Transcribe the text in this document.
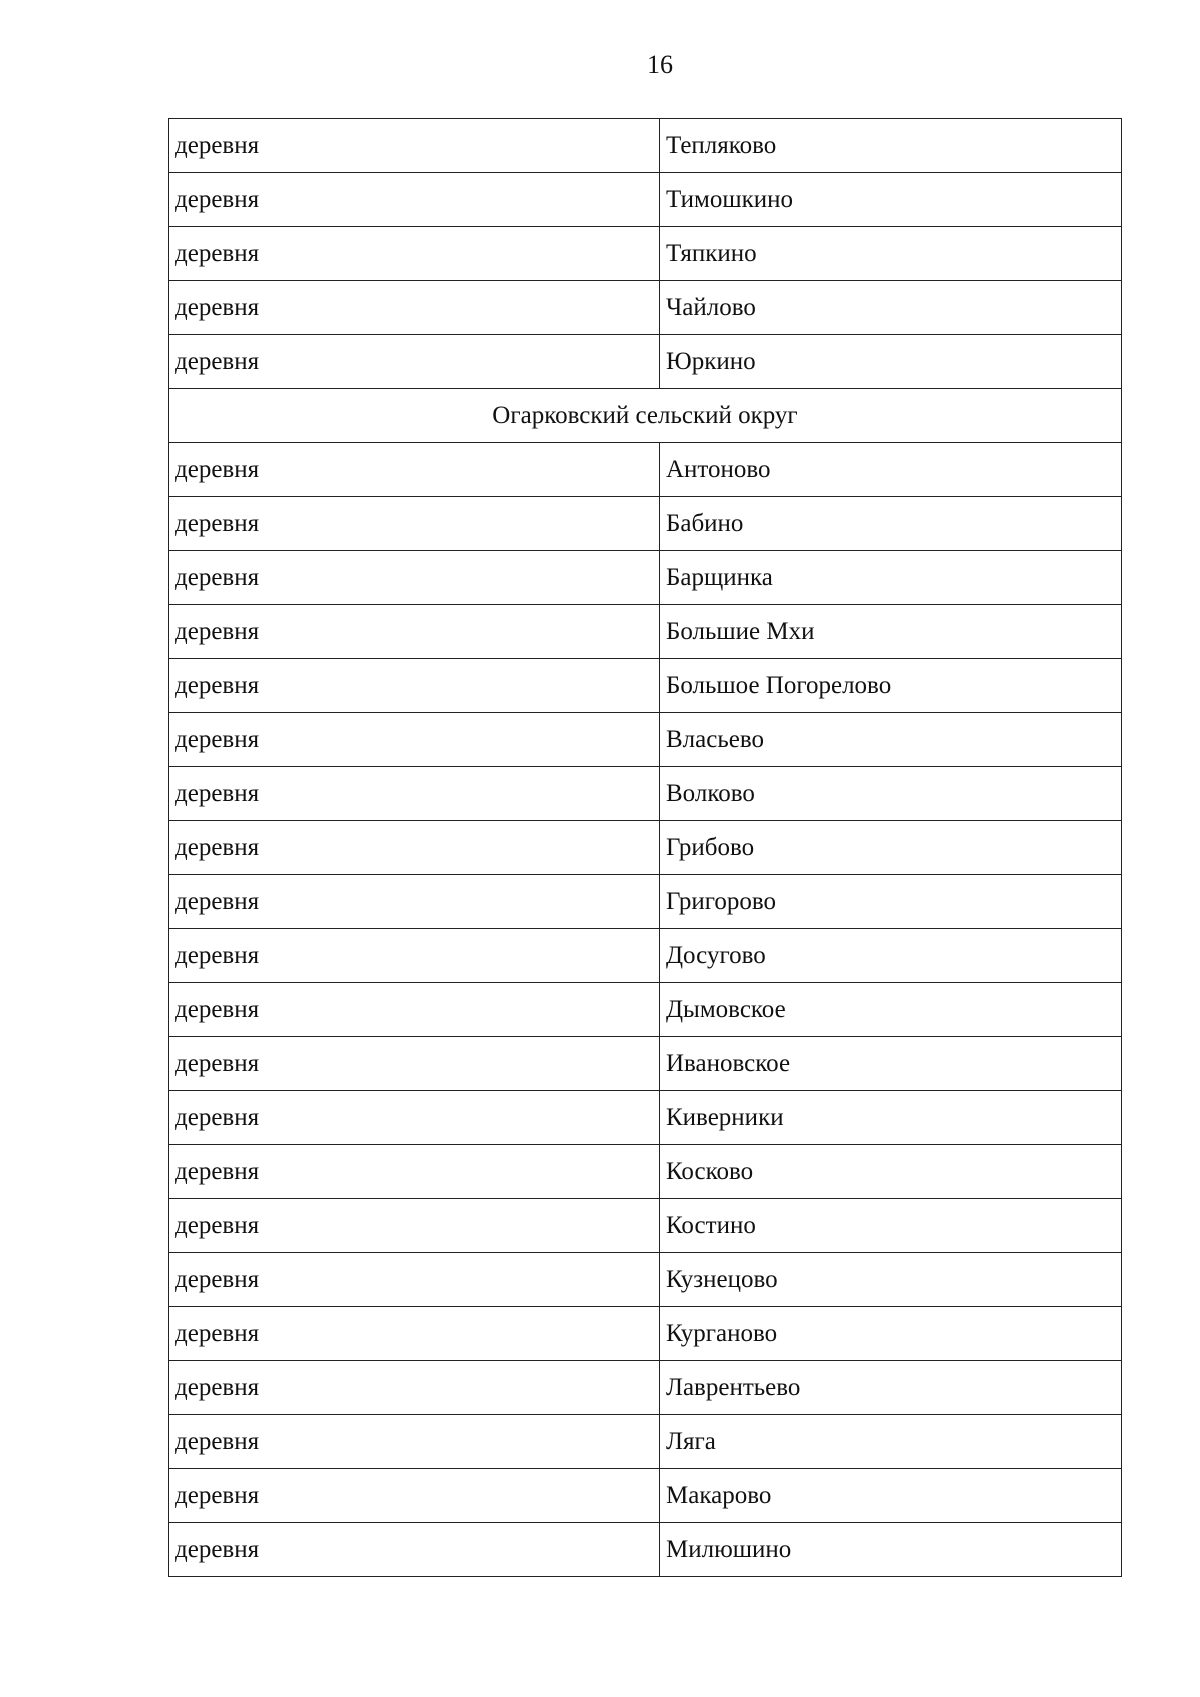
16
деревня	Тепляково
деревня	Тимошкино
деревня	Тяпкино
деревня	Чайлово
деревня	Юркино
Огарковский сельский округ	
деревня	Антоново
деревня	Бабино
деревня	Барщинка
деревня	Большие Мхи
деревня	Большое Погорелово
деревня	Власьево
деревня	Волково
деревня	Грибово
деревня	Григорово
деревня	Досугово
деревня	Дымовское
деревня	Ивановское
деревня	Киверники
деревня	Косково
деревня	Костино
деревня	Кузнецово
деревня	Курганово
деревня	Лаврентьево
деревня	Ляга
деревня	Макарово
деревня	Милюшино
